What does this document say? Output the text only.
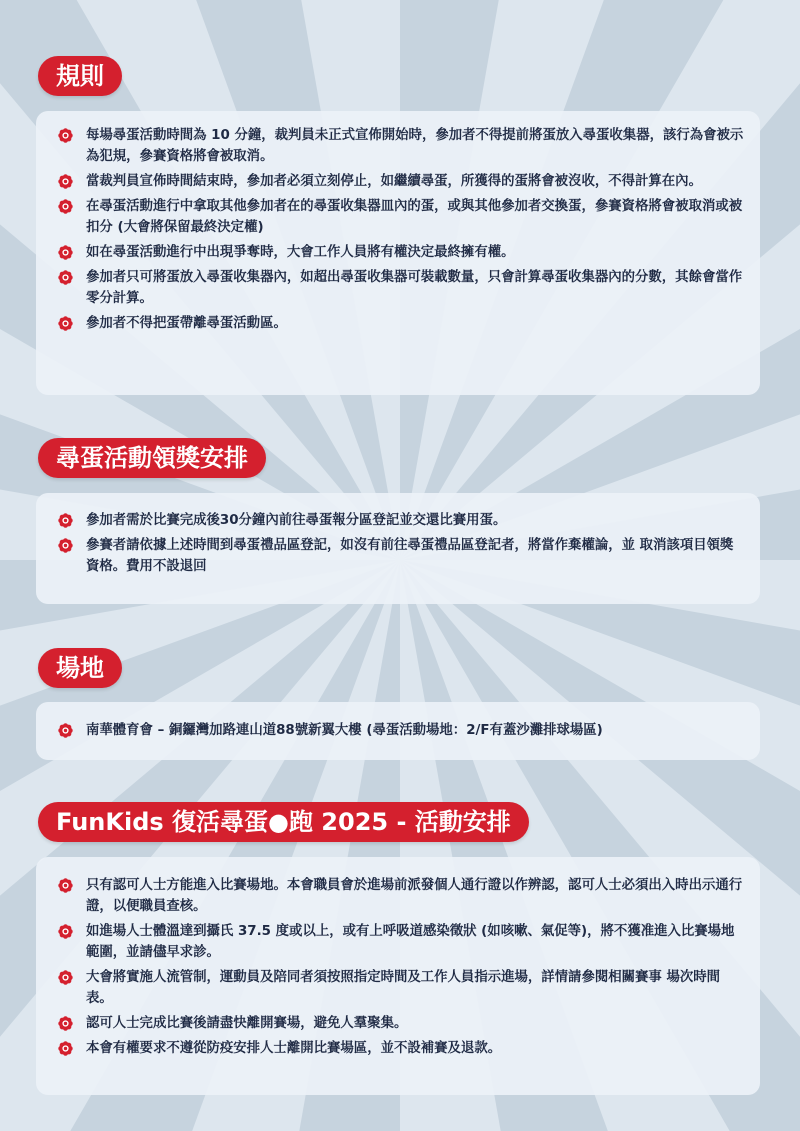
規則
每場尋蛋活動時間為 10 分鐘，裁判員未正式宣佈開始時，參加者不得提前將蛋放入尋蛋收集器，該行為會被示為犯規，參賽資格將會被取消。
當裁判員宣佈時間結束時，參加者必須立刻停止，如繼續尋蛋，所獲得的蛋將會被沒收，不得計算在內。
在尋蛋活動進行中拿取其他參加者在的尋蛋收集器皿內的蛋，或與其他參加者交換蛋，參賽資格將會被取消或被扣分 (大會將保留最終決定權)
如在尋蛋活動進行中出現爭奪時，大會工作人員將有權決定最終擁有權。
參加者只可將蛋放入尋蛋收集器內，如超出尋蛋收集器可裝載數量，只會計算尋蛋收集器內的分數，其餘會當作零分計算。
參加者不得把蛋帶離尋蛋活動區。
尋蛋活動領獎安排
參加者需於比賽完成後30分鐘內前往尋蛋報分區登記並交還比賽用蛋。
參賽者請依據上述時間到尋蛋禮品區登記，如沒有前往尋蛋禮品區登記者，將當作棄權論，並 取消該項目領獎資格。費用不設退回
場地
南華體育會 – 銅鑼灣加路連山道88號新翼大樓 (尋蛋活動場地：2/F有蓋沙灘排球場區)
FunKids 復活尋蛋●跑 2025 - 活動安排
只有認可人士方能進入比賽場地。本會職員會於進場前派發個人通行證以作辨認，認可人士必須出入時出示通行證，以便職員查核。
如進場人士體溫達到攝氏 37.5 度或以上，或有上呼吸道感染徵狀 (如咳嗽、氣促等)，將不獲准進入比賽場地範圍，並請儘早求診。
大會將實施人流管制，運動員及陪同者須按照指定時間及工作人員指示進場，詳情請參閱相關賽事 場次時間表。
認可人士完成比賽後請盡快離開賽場，避免人羣聚集。
本會有權要求不遵從防疫安排人士離開比賽場區，並不設補賽及退款。
